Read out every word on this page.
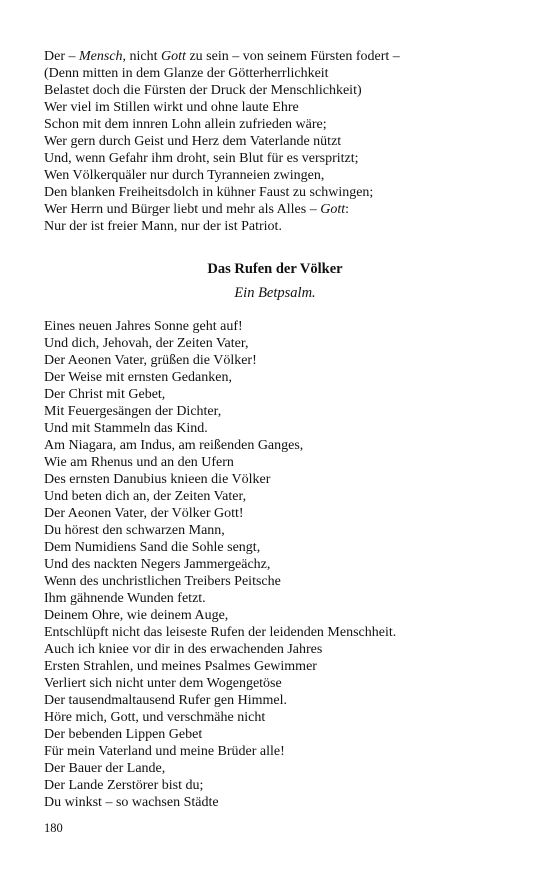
Der – Mensch, nicht Gott zu sein – von seinem Fürsten fodert –
(Denn mitten in dem Glanze der Götterherrlichkeit
Belastet doch die Fürsten der Druck der Menschlichkeit)
Wer viel im Stillen wirkt und ohne laute Ehre
Schon mit dem innren Lohn allein zufrieden wäre;
Wer gern durch Geist und Herz dem Vaterlande nützt
Und, wenn Gefahr ihm droht, sein Blut für es verspritzt;
Wen Völkerquäler nur durch Tyranneien zwingen,
Den blanken Freiheitsdolch in kühner Faust zu schwingen;
Wer Herrn und Bürger liebt und mehr als Alles – Gott:
Nur der ist freier Mann, nur der ist Patriot.
Das Rufen der Völker
Ein Betpsalm.
Eines neuen Jahres Sonne geht auf!
Und dich, Jehovah, der Zeiten Vater,
Der Aeonen Vater, grüßen die Völker!
Der Weise mit ernsten Gedanken,
Der Christ mit Gebet,
Mit Feuergesängen der Dichter,
Und mit Stammeln das Kind.
Am Niagara, am Indus, am reißenden Ganges,
Wie am Rhenus und an den Ufern
Des ernsten Danubius knieen die Völker
Und beten dich an, der Zeiten Vater,
Der Aeonen Vater, der Völker Gott!
Du hörest den schwarzen Mann,
Dem Numidiens Sand die Sohle sengt,
Und des nackten Negers Jammergeächz,
Wenn des unchristlichen Treibers Peitsche
Ihm gähnende Wunden fetzt.
Deinem Ohre, wie deinem Auge,
Entschlüpft nicht das leiseste Rufen der leidenden Menschheit.
Auch ich kniee vor dir in des erwachenden Jahres
Ersten Strahlen, und meines Psalmes Gewimmer
Verliert sich nicht unter dem Wogengetöse
Der tausendmaltausend Rufer gen Himmel.
Höre mich, Gott, und verschmähe nicht
Der bebenden Lippen Gebet
Für mein Vaterland und meine Brüder alle!
Der Bauer der Lande,
Der Lande Zerstörer bist du;
Du winkst – so wachsen Städte
180
